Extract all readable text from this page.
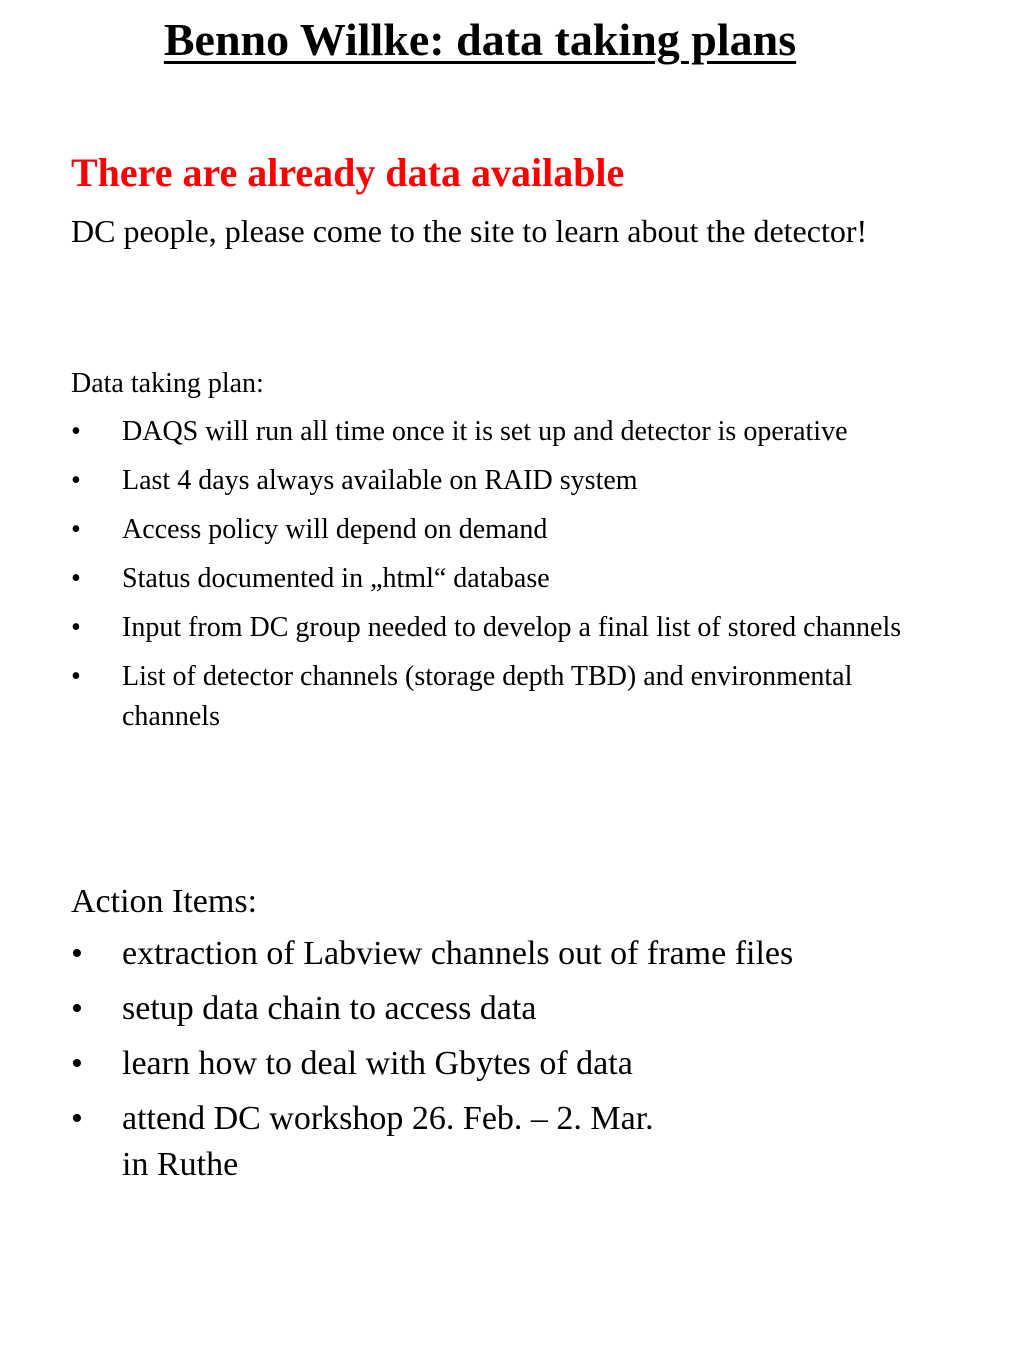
Benno Willke: data taking plans
There are already data available

DC people, please come to the site to learn about the detector!

Data taking plan:

• DAQS will run all time once it is set up and detector is operative
• Last 4 days always available on RAID system
• Access policy will depend on demand
• Status documented in „html“ database
• Input from DC group needed to develop a final list of stored channels
• List of detector channels (storage depth TBD) and environmental channels

Action Items:

• extraction of Labview channels out of frame files
• setup data chain to access data
• learn how to deal with Gbytes of data
• attend DC workshop 26. Feb. – 2. Mar.
in Ruthe
